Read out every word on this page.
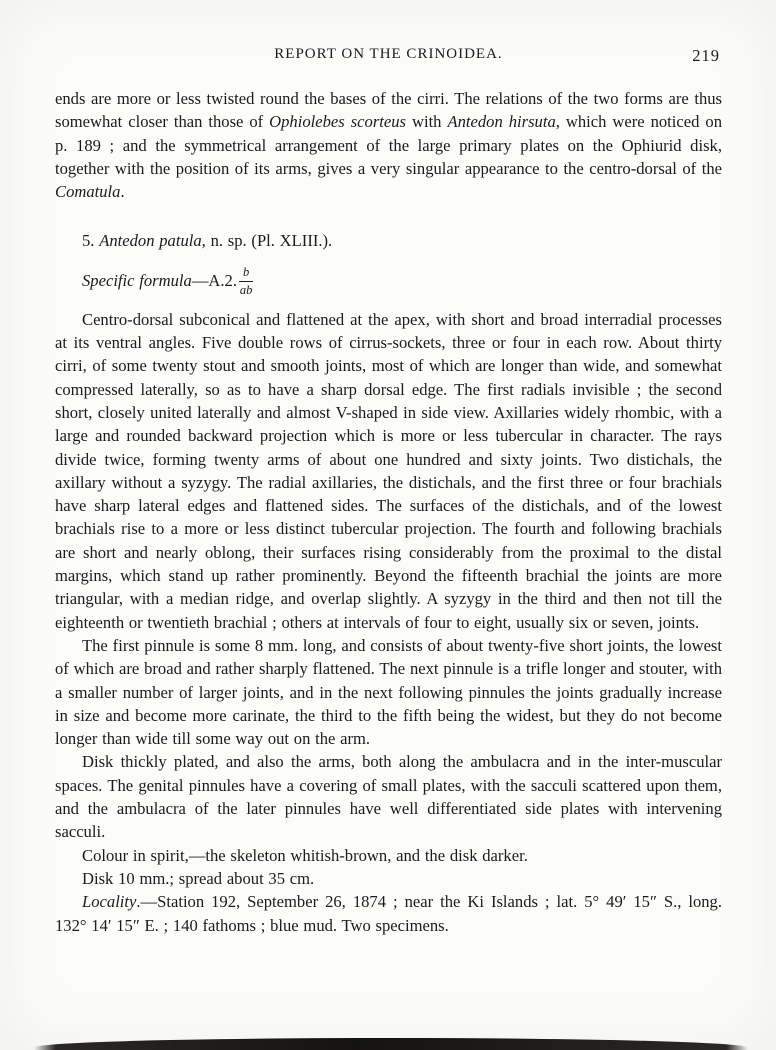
REPORT ON THE CRINOIDEA.	219

ends are more or less twisted round the bases of the cirri. The relations of the two forms are thus somewhat closer than those of Ophiolebes scorteus with Antedon hirsuta, which were noticed on p. 189 ; and the symmetrical arrangement of the large primary plates on the Ophiurid disk, together with the position of its arms, gives a very singular appearance to the centro-dorsal of the Comatula.

5. Antedon patula, n. sp. (Pl. XLIII.).

Specific formula —A.2. $\frac{b}{ab}$

Centro-dorsal subconical and flattened at the apex, with short and broad interradial processes at its ventral angles. Five double rows of cirrus-sockets, three or four in each row. About thirty cirri, of some twenty stout and smooth joints, most of which are longer than wide, and somewhat compressed laterally, so as to have a sharp dorsal edge. The first radials invisible ; the second short, closely united laterally and almost V-shaped in side view. Axillaries widely rhombic, with a large and rounded backward projection which is more or less tubercular in character. The rays divide twice, forming twenty arms of about one hundred and sixty joints. Two distichals, the axillary without a syzygy. The radial axillaries, the distichals, and the first three or four brachials have sharp lateral edges and flattened sides. The surfaces of the distichals, and of the lowest brachials rise to a more or less distinct tubercular projection. The fourth and following brachials are short and nearly oblong, their surfaces rising considerably from the proximal to the distal margins, which stand up rather prominently. Beyond the fifteenth brachial the joints are more triangular, with a median ridge, and overlap slightly. A syzygy in the third and then not till the eighteenth or twentieth brachial ; others at intervals of four to eight, usually six or seven, joints.

The first pinnule is some 8 mm. long, and consists of about twenty-five short joints, the lowest of which are broad and rather sharply flattened. The next pinnule is a trifle longer and stouter, with a smaller number of larger joints, and in the next following pinnules the joints gradually increase in size and become more carinate, the third to the fifth being the widest, but they do not become longer than wide till some way out on the arm.

Disk thickly plated, and also the arms, both along the ambulacra and in the inter-muscular spaces. The genital pinnules have a covering of small plates, with the sacculi scattered upon them, and the ambulacra of the later pinnules have well differentiated side plates with intervening sacculi.

Colour in spirit,—the skeleton whitish-brown, and the disk darker.

Disk 10 mm.; spread about 35 cm.

Locality.—Station 192, September 26, 1874 ; near the Ki Islands ; lat. 5° 49′ 15″ S., long. 132° 14′ 15″ E. ; 140 fathoms ; blue mud. Two specimens.
